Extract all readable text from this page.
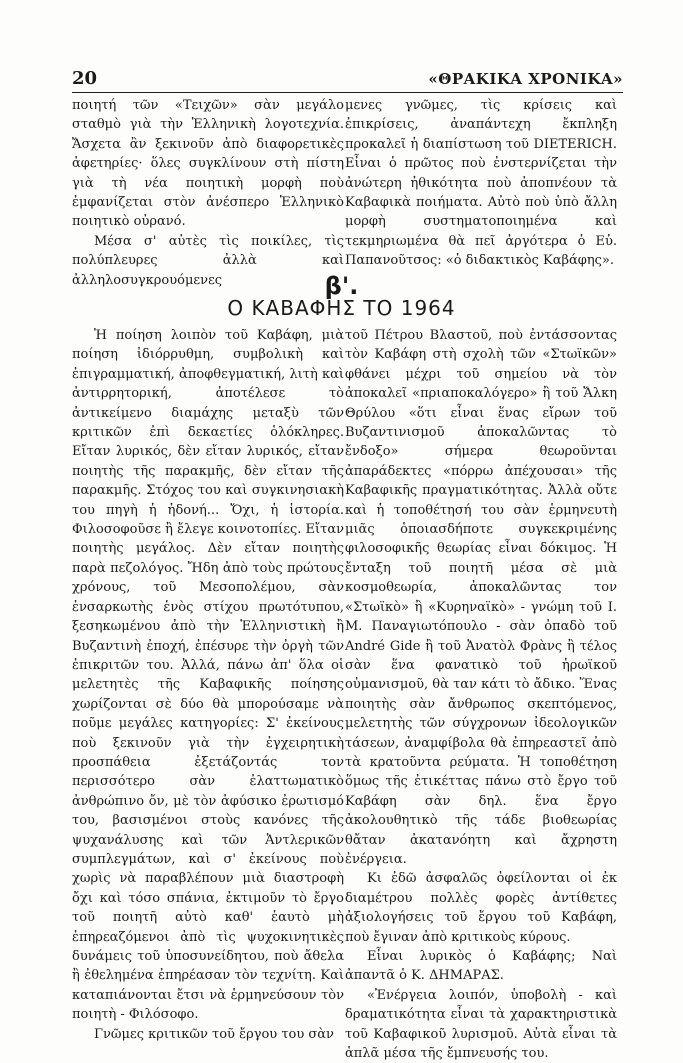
20	«ΘΡΑΚΙΚΑ ΧΡΟΝΙΚΑ»

ποιητή τῶν «Τειχῶν» σὰν μεγάλο σταθμὸ γιὰ τὴν Ἑλληνικὴ λογοτεχνία. Ἄσχετα ἂν ξεκινοῦν ἀπὸ διαφορετικὲς ἀφετηρίες· ὅλες συγκλίνουν στὴ πίστη γιὰ τὴ νέα ποιητικὴ μορφὴ ποὺ ἐμφανίζεται στὸν ἀνέσπερο Ἑλληνικὸ ποιητικὸ οὐρανό.

Μέσα σ' αὐτὲς τὶς ποικίλες, τὶς πολύπλευρες ἀλλὰ καὶ ἀλληλοσυγκρουόμενες

μενες γνῶμες, τὶς κρίσεις καὶ ἐπικρίσεις, ἀναπάντεχη ἔκπληξη προκαλεῖ ἡ διαπίστωση τοῦ DIETERICH. Εἶναι ὁ πρῶτος ποὺ ἐνστερνίζεται τὴν ἀνώτερη ἠθικότητα ποὺ ἀποπνέουν τὰ Καβαφικὰ ποιήματα. Αὐτὸ ποὺ ὑπὸ ἄλλη μορφὴ συστηματοποιημένα καὶ τεκμηριωμένα θὰ πεῖ ἀργότερα ὁ Εὐ. Παπανοῦτσος: «ὁ διδακτικὸς Καβάφης».

β'.
Ο ΚΑΒΑΦΗΣ ΤΟ 1964

Ἡ ποίηση λοιπὸν τοῦ Καβάφη, μιὰ ποίηση ἰδιόρρυθμη, συμβολικὴ καὶ ἐπιγραμματική, ἀποφθεγματική, λιτὴ καὶ ἀντιρρητορική, ἀποτέλεσε τὸ ἀντικείμενο διαμάχης μεταξὺ τῶν κριτικῶν ἐπὶ δεκαετίες ὁλόκληρες. Εἴταν λυρικός, δὲν εἴταν λυρικός, εἴταν ποιητὴς τῆς παρακμῆς, δὲν εἴταν τῆς παρακμῆς. Στόχος του καὶ συγκινησιακὴ του πηγὴ ἡ ἡδονή... Ὄχι, ἡ ἱστορία. Φιλοσοφοῦσε ἢ ἔλεγε κοινοτοπίες. Εἴταν ποιητὴς μεγάλος. Δὲν εἴταν ποιητὴς παρὰ πεζολόγος. Ἤδη ἀπὸ τοὺς πρώτους χρόνους, τοῦ Μεσοπολέμου, σὰν ἐνσαρκωτὴς ἑνὸς στίχου πρωτότυπου, ξεσηκωμένου ἀπὸ τὴν Ἑλληνιστικὴ ἢ Βυζαντινὴ ἐποχή, ἐπέσυρε τὴν ὀργὴ τῶν ἐπικριτῶν του. Ἀλλά, πάνω ἀπ' ὅλα οἱ μελετητὲς τῆς Καβαφικῆς ποίησης χωρίζονται σὲ δύο θὰ μπορούσαμε νὰ ποῦμε μεγάλες κατηγορίες: Σ' ἐκείνους ποὺ ξεκινοῦν γιὰ τὴν ἐγχειρητικὴ προσπάθεια ἐξετάζοντάς τον περισσότερο σὰν ἐλαττωματικὸ ἀνθρώπινο ὄν, μὲ τὸν ἀφύσικο ἐρωτισμό του, βασισμένοι στοὺς κανόνες τῆς ψυχανάλυσης καὶ τῶν Ἀντλερικῶν συμπλεγμάτων, καὶ σ' ἐκείνους ποὺ χωρὶς νὰ παραβλέπουν μιὰ διαστροφὴ ὄχι καὶ τόσο σπάνια, ἐκτιμοῦν τὸ ἔργο τοῦ ποιητῆ αὐτὸ καθ' ἑαυτὸ μὴ ἐπηρεαζόμενοι ἀπὸ τὶς ψυχοκινητικὲς δυνάμεις τοῦ ὑποσυνείδητου, ποὺ ἄθελα ἢ ἐθελημένα ἐπηρέασαν τὸν τεχνίτη. Καὶ καταπιάνονται ἔτσι νὰ ἑρμηνεύσουν τὸν ποιητὴ - Φιλόσοφο.

Γνῶμες κριτικῶν τοῦ ἔργου του σὰν

τοῦ Πέτρου Βλαστοῦ, ποὺ ἐντάσσοντας τὸν Καβάφη στὴ σχολὴ τῶν «Στωϊκῶν» φθάνει μέχρι τοῦ σημείου νὰ τὸν ἀποκαλεῖ «πριαποκαλόγερο» ἢ τοῦ Ἄλκη Θρύλου «ὅτι εἶναι ἕνας εἴρων τοῦ Βυζαντινισμοῦ ἀποκαλῶντας τὸ ἔνδοξο» σήμερα θεωροῦνται ἀπαράδεκτες «πόρρω ἀπέχουσαι» τῆς Καβαφικῆς πραγματικότητας. Ἀλλὰ οὔτε καὶ ἡ τοποθέτησή του σὰν ἑρμηνευτὴ μιᾶς ὁποιασδήποτε συγκεκριμένης φιλοσοφικῆς θεωρίας εἶναι δόκιμος. Ἡ ἔνταξη τοῦ ποιητῆ μέσα σὲ μιὰ κοσμοθεωρία, ἀποκαλῶντας τον «Στωϊκὸ» ἢ «Κυρηναϊκὸ» - γνώμη τοῦ Ι. Μ. Παναγιωτόπουλο - σὰν ὀπαδὸ τοῦ André Gide ἢ τοῦ Ἀνατὸλ Φρὰνς ἢ τέλος σὰν ἕνα φανατικὸ τοῦ ἡρωϊκοῦ οὐμανισμοῦ, θὰ ταν κάτι τὸ ἄδικο. Ἕνας ποιητὴς σὰν ἄνθρωπος σκεπτόμενος, μελετητὴς τῶν σύγχρονων ἰδεολογικῶν τάσεων, ἀναμφίβολα θὰ ἐπηρεαστεῖ ἀπὸ τὰ κρατοῦντα ρεύματα. Ἡ τοποθέτηση ὅμως τῆς ἐτικέττας πάνω στὸ ἔργο τοῦ Καβάφη σὰν δηλ. ἕνα ἔργο ἀκολουθητικὸ τῆς τάδε βιοθεωρίας θἄταν ἀκατανόητη καὶ ἄχρηστη ἐνέργεια.

Κι ἐδῶ ἀσφαλῶς ὀφείλονται οἱ ἐκ διαμέτρου πολλὲς φορὲς ἀντίθετες ἀξιολογήσεις τοῦ ἔργου τοῦ Καβάφη, ποὺ ἔγιναν ἀπὸ κριτικοὺς κύρους.

Εἶναι λυρικὸς ὁ Καβάφης; Ναὶ ἀπαντᾶ ὁ Κ. ΔΗΜΑΡΑΣ.

«Ἐνέργεια λοιπόν, ὑποβολὴ - καὶ δραματικότητα εἶναι τὰ χαρακτηριστικὰ τοῦ Καβαφικοῦ λυρισμοῦ. Αὐτὰ εἶναι τὰ ἁπλᾶ μέσα τῆς ἔμπνευσής του.
